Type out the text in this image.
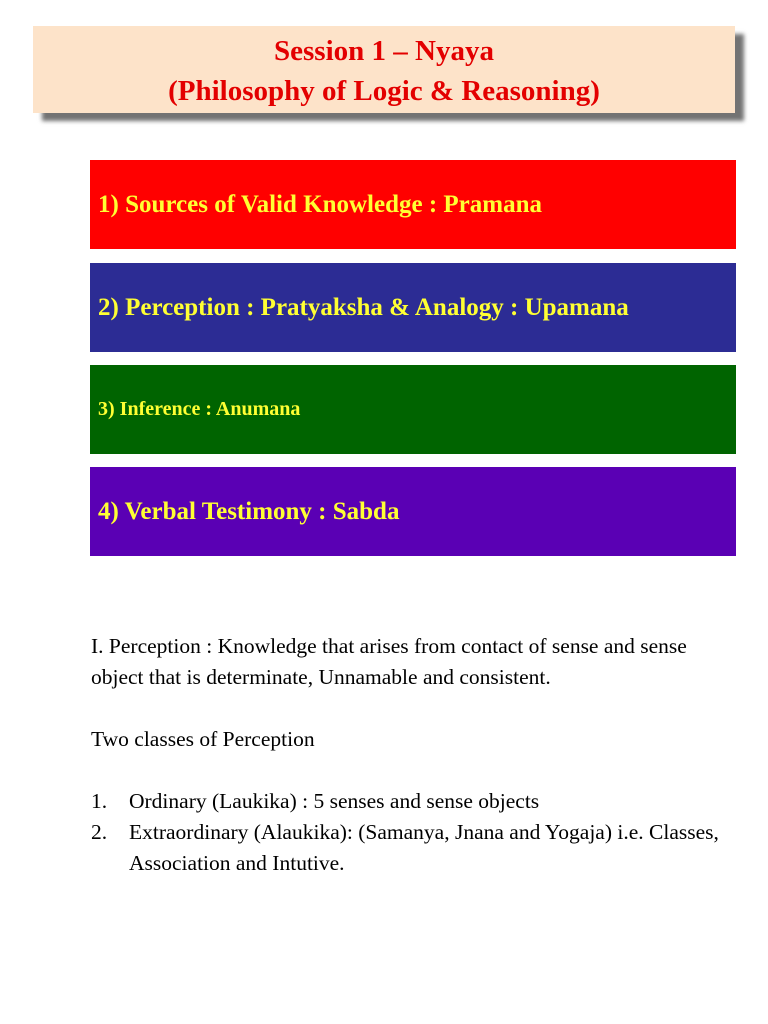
Session 1 – Nyaya
(Philosophy of Logic & Reasoning)
1) Sources of Valid Knowledge : Pramana
2) Perception : Pratyaksha & Analogy : Upamana
3) Inference : Anumana
4) Verbal Testimony : Sabda

I. Perception : Knowledge that arises from contact of sense and sense object that is determinate, Unnamable and consistent.

Two classes of Perception

1. Ordinary (Laukika) : 5 senses and sense objects
2. Extraordinary (Alaukika): (Samanya, Jnana and Yogaja) i.e. Classes, Association and Intutive.
